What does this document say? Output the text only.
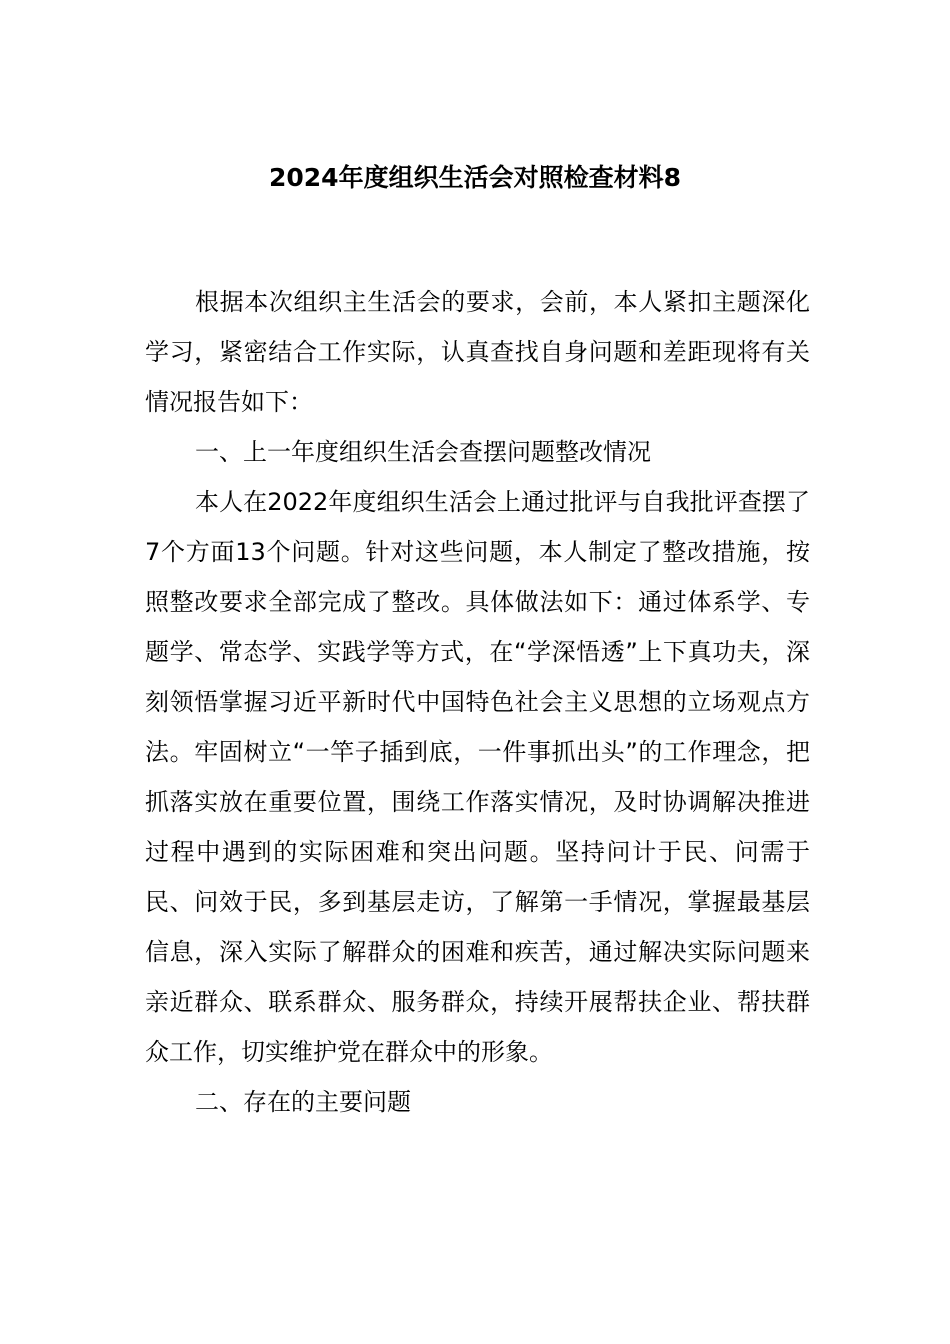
2024年度组织生活会对照检查材料8

根据本次组织主生活会的要求，会前，本人紧扣主题深化学习，紧密结合工作实际，认真查找自身问题和差距现将有关情况报告如下：

一、上一年度组织生活会查摆问题整改情况

本人在2022年度组织生活会上通过批评与自我批评查摆了7个方面13个问题。针对这些问题，本人制定了整改措施，按照整改要求全部完成了整改。具体做法如下：通过体系学、专题学、常态学、实践学等方式，在“学深悟透”上下真功夫，深刻领悟掌握习近平新时代中国特色社会主义思想的立场观点方法。牢固树立“一竿子插到底，一件事抓出头”的工作理念，把抓落实放在重要位置，围绕工作落实情况，及时协调解决推进过程中遇到的实际困难和突出问题。坚持问计于民、问需于民、问效于民，多到基层走访，了解第一手情况，掌握最基层信息，深入实际了解群众的困难和疾苦，通过解决实际问题来亲近群众、联系群众、服务群众，持续开展帮扶企业、帮扶群众工作，切实维护党在群众中的形象。

二、存在的主要问题
